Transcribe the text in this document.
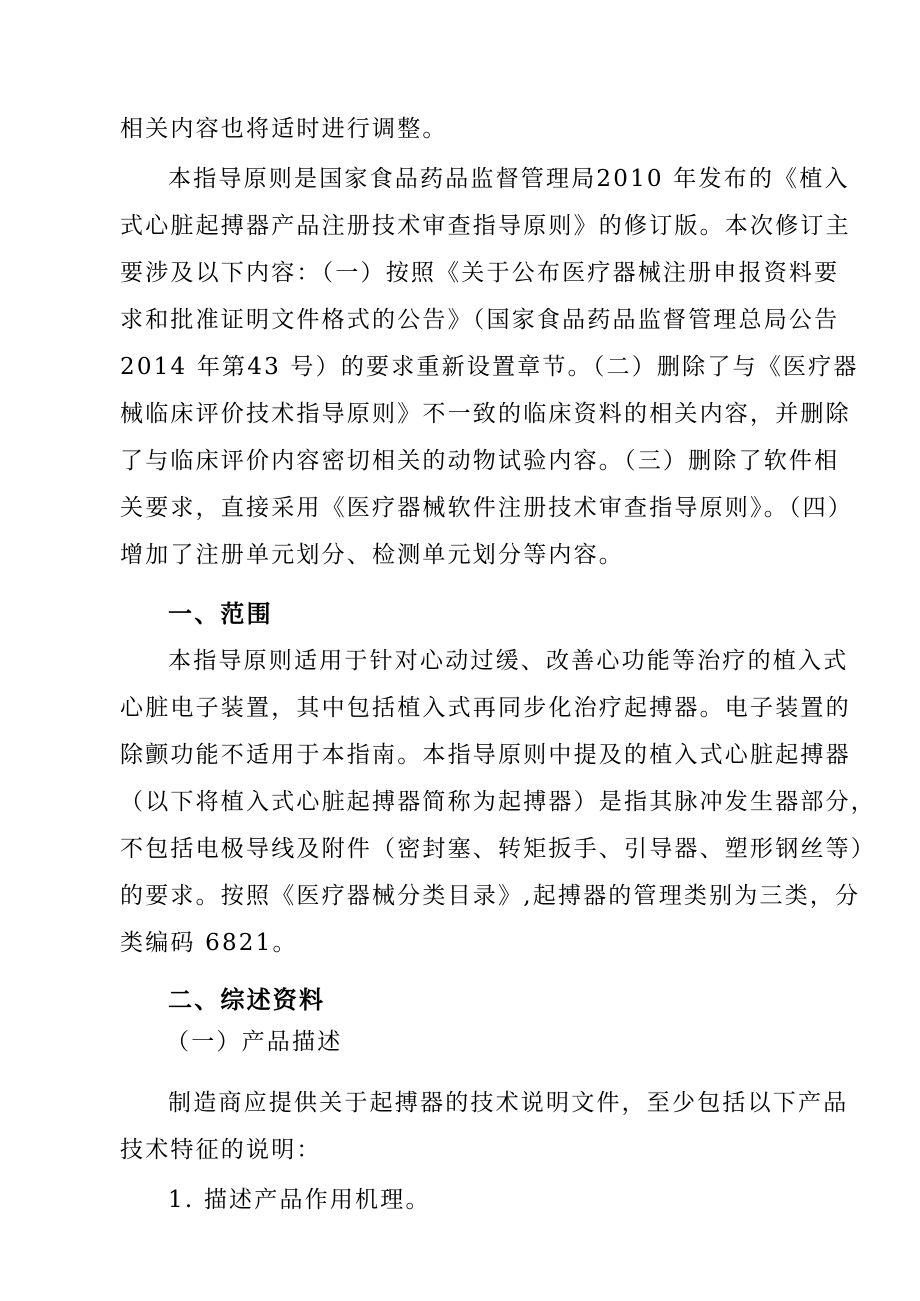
相关内容也将适时进行调整。
本指导原则是国家食品药品监督管理局2010 年发布的《植入
式心脏起搏器产品注册技术审查指导原则》的修订版。本次修订主
要涉及以下内容：（一）按照《关于公布医疗器械注册申报资料要
求和批准证明文件格式的公告》（国家食品药品监督管理总局公告
2014 年第43 号）的要求重新设置章节。（二）删除了与《医疗器
械临床评价技术指导原则》不一致的临床资料的相关内容，并删除
了与临床评价内容密切相关的动物试验内容。（三）删除了软件相
关要求，直接采用《医疗器械软件注册技术审查指导原则》。（四）
增加了注册单元划分、检测单元划分等内容。
一、范围
本指导原则适用于针对心动过缓、改善心功能等治疗的植入式
心脏电子装置，其中包括植入式再同步化治疗起搏器。电子装置的
除颤功能不适用于本指南。本指导原则中提及的植入式心脏起搏器
（以下将植入式心脏起搏器简称为起搏器）是指其脉冲发生器部分，
不包括电极导线及附件（密封塞、转矩扳手、引导器、塑形钢丝等）
的要求。按照《医疗器械分类目录》,起搏器的管理类别为三类，分
类编码 6821。
二、综述资料
（一）产品描述
制造商应提供关于起搏器的技术说明文件，至少包括以下产品
技术特征的说明：
1. 描述产品作用机理。
